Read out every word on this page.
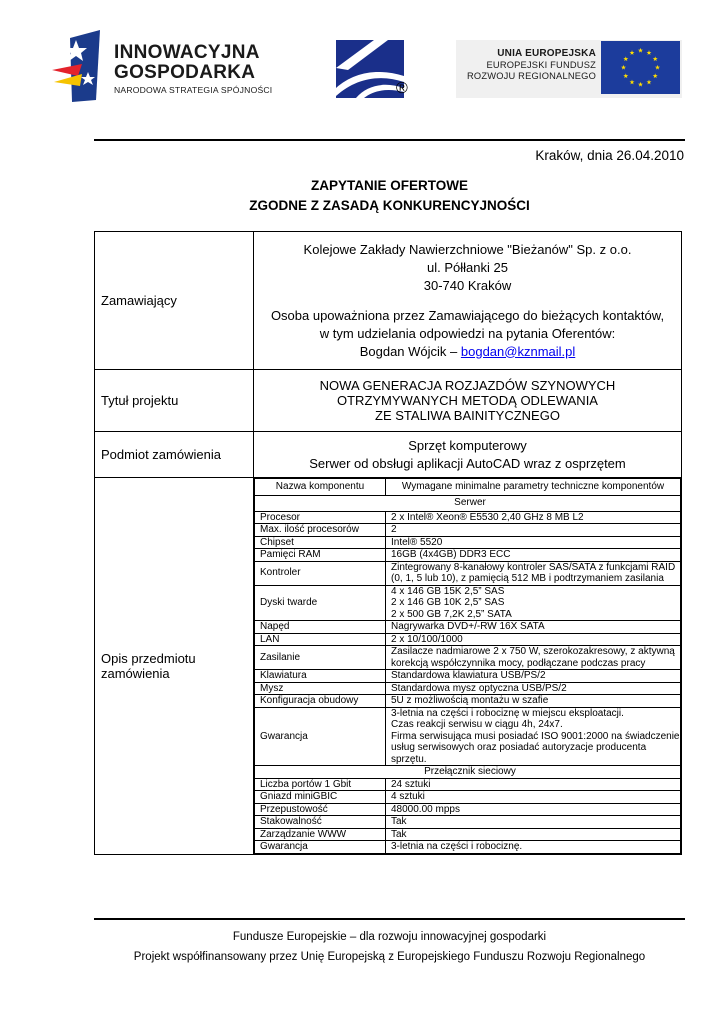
INNOWACYJNA
GOSPODARKA
NARODOWA STRATEGIA SPÓJNOŚCI	®
UNIA EUROPEJSKA
EUROPEJSKI FUNDUSZ
ROZWOJU REGIONALNEGO
Kraków, dnia 26.04.2010
ZAPYTANIE OFERTOWE
ZGODNE Z ZASADĄ KONKURENCYJNOŚCI
Zamawiający	
Kolejowe Zakłady Nawierzchniowe "Bieżanów" Sp. z o.o.
ul. Półłanki 25
30-740 Kraków
Osoba upoważniona przez Zamawiającego do bieżących kontaktów,
w tym udzielania odpowiedzi na pytania Oferentów:
Bogdan Wójcik – bogdan@kznmail.pl

Tytuł projektu	
NOWA GENERACJA ROZJAZDÓW SZYNOWYCH
OTRZYMYWANYCH METODĄ ODLEWANIA
ZE STALIWA BAINITYCZNEGO

Podmiot zamówienia	
Sprzęt komputerowy
Serwer od obsługi aplikacji AutoCAD wraz z osprzętem

Opis przedmiotu zamówienia	
Nazwa komponentu	Wymagane minimalne parametry techniczne komponentów
Serwer
Procesor	2 x Intel® Xeon® E5530 2,40 GHz 8 MB L2
Max. ilość procesorów	2
Chipset	Intel® 5520
Pamięci RAM	16GB (4x4GB) DDR3 ECC
Kontroler	Zintegrowany 8-kanałowy kontroler SAS/SATA z funkcjami RAID (0, 1, 5 lub 10), z pamięcią 512 MB i podtrzymaniem zasilania
Dyski twarde	4 x 146 GB 15K 2,5” SAS
2 x 146 GB 10K 2,5” SAS
2 x 500 GB 7,2K 2,5” SATA
Napęd	Nagrywarka DVD+/-RW 16X SATA
LAN	2 x 10/100/1000
Zasilanie	Zasilacze nadmiarowe 2 x 750 W, szerokozakresowy, z aktywną korekcją współczynnika mocy, podłączane podczas pracy
Klawiatura	Standardowa klawiatura USB/PS/2
Mysz	Standardowa mysz optyczna USB/PS/2
Konfiguracja obudowy	5U z możliwością montażu w szafie
Gwarancja	3-letnia na części i robociznę w miejscu eksploatacji.
Czas reakcji serwisu w ciągu 4h, 24x7.
Firma serwisująca musi posiadać ISO 9001:2000 na świadczenie usług serwisowych oraz posiadać autoryzacje producenta sprzętu.
Przełącznik sieciowy
Liczba portów 1 Gbit	24 sztuki
Gniazd miniGBIC	4 sztuki
Przepustowość	48000.00 mpps
Stakowalność	Tak
Zarządzanie WWW	Tak
Gwarancja	3-letnia na części i robociznę.
Fundusze Europejskie – dla rozwoju innowacyjnej gospodarki
Projekt współfinansowany przez Unię Europejską z Europejskiego Funduszu Rozwoju Regionalnego
